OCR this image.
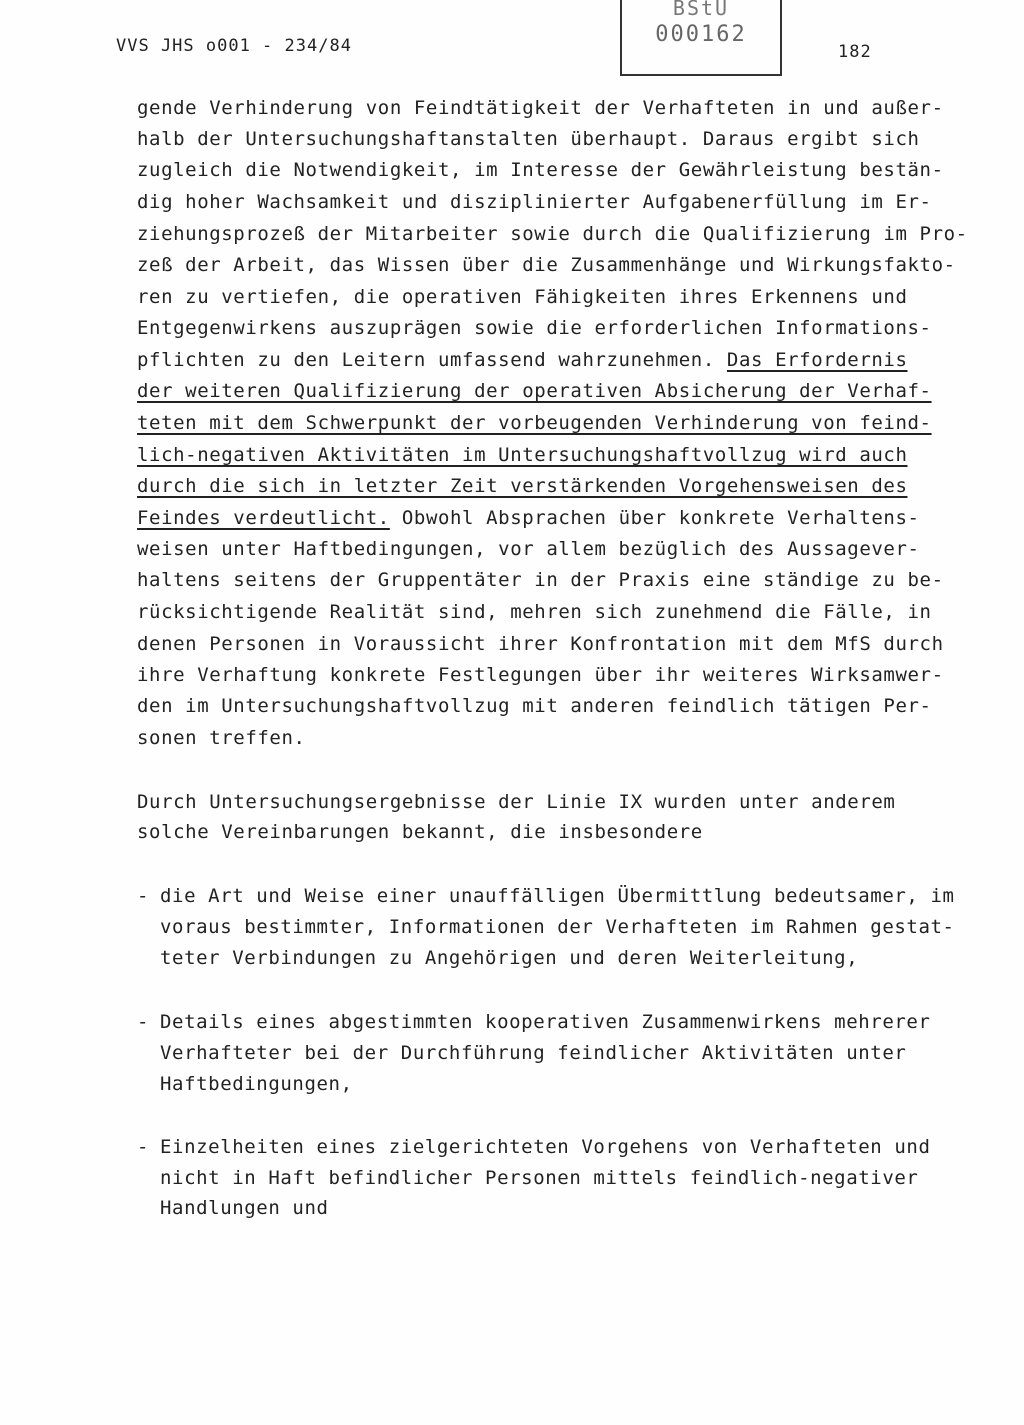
VVS JHS o001 - 234/84
BStU
000162
182
gende Verhinderung von Feindtätigkeit der Verhafteten in und außer-
halb der Untersuchungshaftanstalten überhaupt. Daraus ergibt sich
zugleich die Notwendigkeit, im Interesse der Gewährleistung bestän-
dig hoher Wachsamkeit und disziplinierter Aufgabenerfüllung im Er-
ziehungsprozeß der Mitarbeiter sowie durch die Qualifizierung im Pro-
zeß der Arbeit, das Wissen über die Zusammenhänge und Wirkungsfakto-
ren zu vertiefen, die operativen Fähigkeiten ihres Erkennens und
Entgegenwirkens auszuprägen sowie die erforderlichen Informations-
pflichten zu den Leitern umfassend wahrzunehmen. Das Erfordernis
der weiteren Qualifizierung der operativen Absicherung der Verhaf-
teten mit dem Schwerpunkt der vorbeugenden Verhinderung von feind-
lich-negativen Aktivitäten im Untersuchungshaftvollzug wird auch
durch die sich in letzter Zeit verstärkenden Vorgehensweisen des
Feindes verdeutlicht. Obwohl Absprachen über konkrete Verhaltens-
weisen unter Haftbedingungen, vor allem bezüglich des Aussagever-
haltens seitens der Gruppentäter in der Praxis eine ständige zu be-
rücksichtigende Realität sind, mehren sich zunehmend die Fälle, in
denen Personen in Voraussicht ihrer Konfrontation mit dem MfS durch
ihre Verhaftung konkrete Festlegungen über ihr weiteres Wirksamwer-
den im Untersuchungshaftvollzug mit anderen feindlich tätigen Per-
sonen treffen.
Durch Untersuchungsergebnisse der Linie IX wurden unter anderem
solche Vereinbarungen bekannt, die insbesondere
- die Art und Weise einer unauffälligen Übermittlung bedeutsamer, im
voraus bestimmter, Informationen der Verhafteten im Rahmen gestat-
teter Verbindungen zu Angehörigen und deren Weiterleitung,
- Details eines abgestimmten kooperativen Zusammenwirkens mehrerer
Verhafteter bei der Durchführung feindlicher Aktivitäten unter
Haftbedingungen,
- Einzelheiten eines zielgerichteten Vorgehens von Verhafteten und
nicht in Haft befindlicher Personen mittels feindlich-negativer
Handlungen und
